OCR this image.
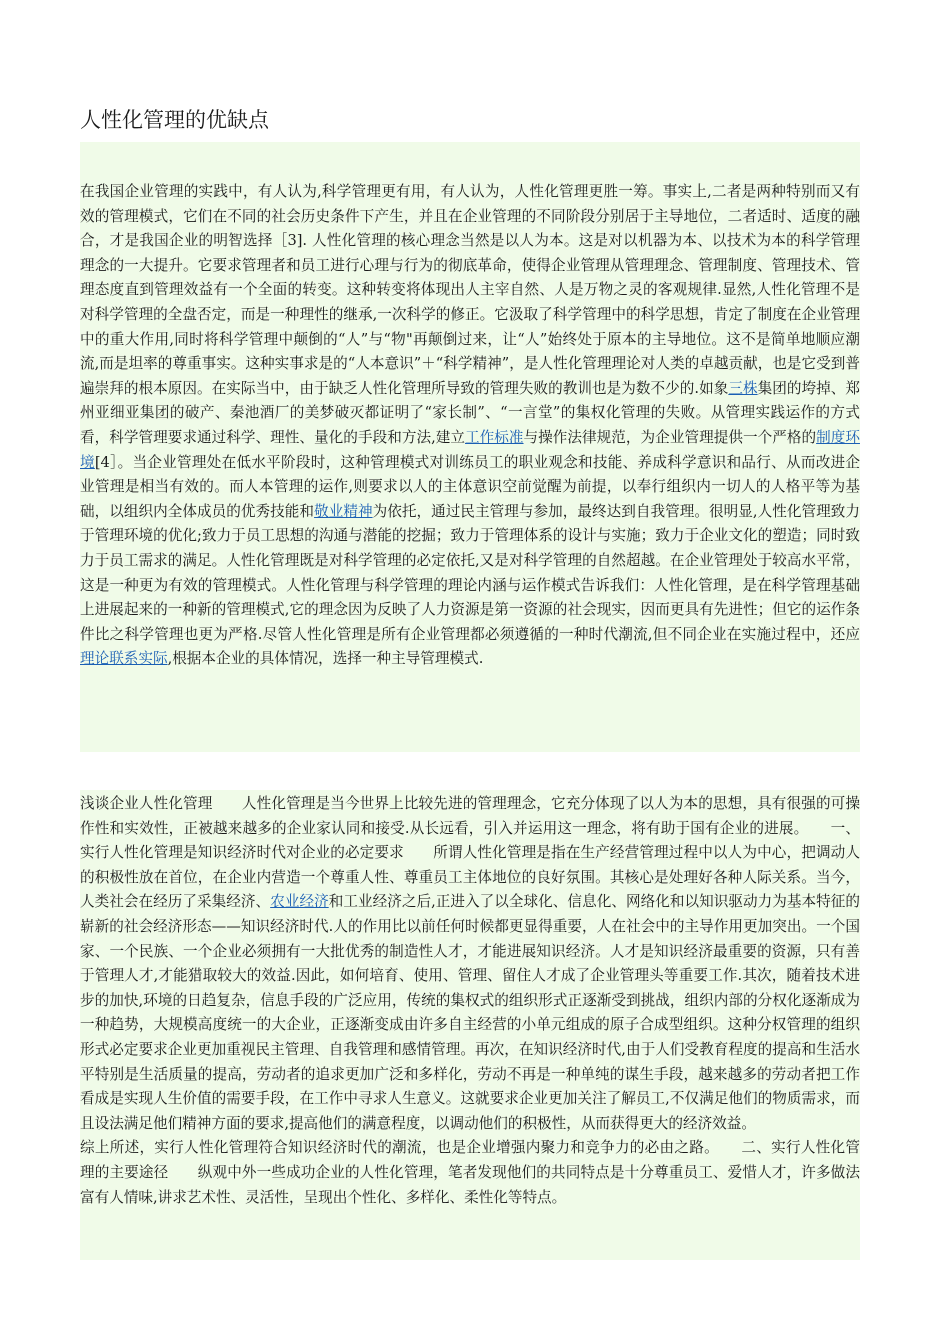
人性化管理的优缺点

在我国企业管理的实践中，有人认为,科学管理更有用，有人认为，人性化管理更胜一筹。事实上,二者是两种特别而又有效的管理模式，它们在不同的社会历史条件下产生，并且在企业管理的不同阶段分别居于主导地位，二者适时、适度的融合，才是我国企业的明智选择［3]. 人性化管理的核心理念当然是以人为本。这是对以机器为本、以技术为本的科学管理理念的一大提升。它要求管理者和员工进行心理与行为的彻底革命，使得企业管理从管理理念、管理制度、管理技术、管理态度直到管理效益有一个全面的转变。这种转变将体现出人主宰自然、人是万物之灵的客观规律.显然,人性化管理不是对科学管理的全盘否定，而是一种理性的继承,一次科学的修正。它汲取了科学管理中的科学思想，肯定了制度在企业管理中的重大作用,同时将科学管理中颠倒的“人”与“物"再颠倒过来，让“人”始终处于原本的主导地位。这不是简单地顺应潮流,而是坦率的尊重事实。这种实事求是的“人本意识”＋“科学精神”，是人性化管理理论对人类的卓越贡献，也是它受到普遍崇拜的根本原因。在实际当中，由于缺乏人性化管理所导致的管理失败的教训也是为数不少的.如象三株集团的垮掉、郑州亚细亚集团的破产、秦池酒厂的美梦破灭都证明了“家长制”、“一言堂”的集权化管理的失败。从管理实践运作的方式看，科学管理要求通过科学、理性、量化的手段和方法,建立工作标准与操作法律规范，为企业管理提供一个严格的制度环境[4］。当企业管理处在低水平阶段时，这种管理模式对训练员工的职业观念和技能、养成科学意识和品行、从而改进企业管理是相当有效的。而人本管理的运作,则要求以人的主体意识空前觉醒为前提，以奉行组织内一切人的人格平等为基础，以组织内全体成员的优秀技能和敬业精神为依托，通过民主管理与参加，最终达到自我管理。很明显,人性化管理致力于管理环境的优化;致力于员工思想的沟通与潜能的挖掘；致力于管理体系的设计与实施；致力于企业文化的塑造；同时致力于员工需求的满足。人性化管理既是对科学管理的必定依托,又是对科学管理的自然超越。在企业管理处于较高水平常，这是一种更为有效的管理模式。人性化管理与科学管理的理论内涵与运作模式告诉我们：人性化管理，是在科学管理基础上进展起来的一种新的管理模式,它的理念因为反映了人力资源是第一资源的社会现实，因而更具有先进性；但它的运作条件比之科学管理也更为严格.尽管人性化管理是所有企业管理都必须遵循的一种时代潮流,但不同企业在实施过程中，还应理论联系实际,根据本企业的具体情况，选择一种主导管理模式.

浅谈企业人性化管理　　人性化管理是当今世界上比较先进的管理理念，它充分体现了以人为本的思想，具有很强的可操作性和实效性，正被越来越多的企业家认同和接受.从长远看，引入并运用这一理念，将有助于国有企业的进展。　　一、实行人性化管理是知识经济时代对企业的必定要求　　所谓人性化管理是指在生产经营管理过程中以人为中心，把调动人的积极性放在首位，在企业内营造一个尊重人性、尊重员工主体地位的良好氛围。其核心是处理好各种人际关系。当今，人类社会在经历了采集经济、农业经济和工业经济之后,正进入了以全球化、信息化、网络化和以知识驱动力为基本特征的崭新的社会经济形态——知识经济时代.人的作用比以前任何时候都更显得重要，人在社会中的主导作用更加突出。一个国家、一个民族、一个企业必须拥有一大批优秀的制造性人才，才能进展知识经济。人才是知识经济最重要的资源，只有善于管理人才,才能猎取较大的效益.因此，如何培育、使用、管理、留住人才成了企业管理头等重要工作.其次，随着技术进步的加快,环境的日趋复杂，信息手段的广泛应用，传统的集权式的组织形式正逐渐受到挑战，组织内部的分权化逐渐成为一种趋势，大规模高度统一的大企业，正逐渐变成由许多自主经营的小单元组成的原子合成型组织。这种分权管理的组织形式必定要求企业更加重视民主管理、自我管理和感情管理。再次，在知识经济时代,由于人们受教育程度的提高和生活水平特别是生活质量的提高，劳动者的追求更加广泛和多样化，劳动不再是一种单纯的谋生手段，越来越多的劳动者把工作看成是实现人生价值的需要手段，在工作中寻求人生意义。这就要求企业更加关注了解员工,不仅满足他们的物质需求，而且设法满足他们精神方面的要求,提高他们的满意程度，以调动他们的积极性，从而获得更大的经济效益。
综上所述，实行人性化管理符合知识经济时代的潮流，也是企业增强内聚力和竞争力的必由之路。　　二、实行人性化管理的主要途径　　纵观中外一些成功企业的人性化管理，笔者发现他们的共同特点是十分尊重员工、爱惜人才，许多做法富有人情味,讲求艺术性、灵活性，呈现出个性化、多样化、柔性化等特点。
